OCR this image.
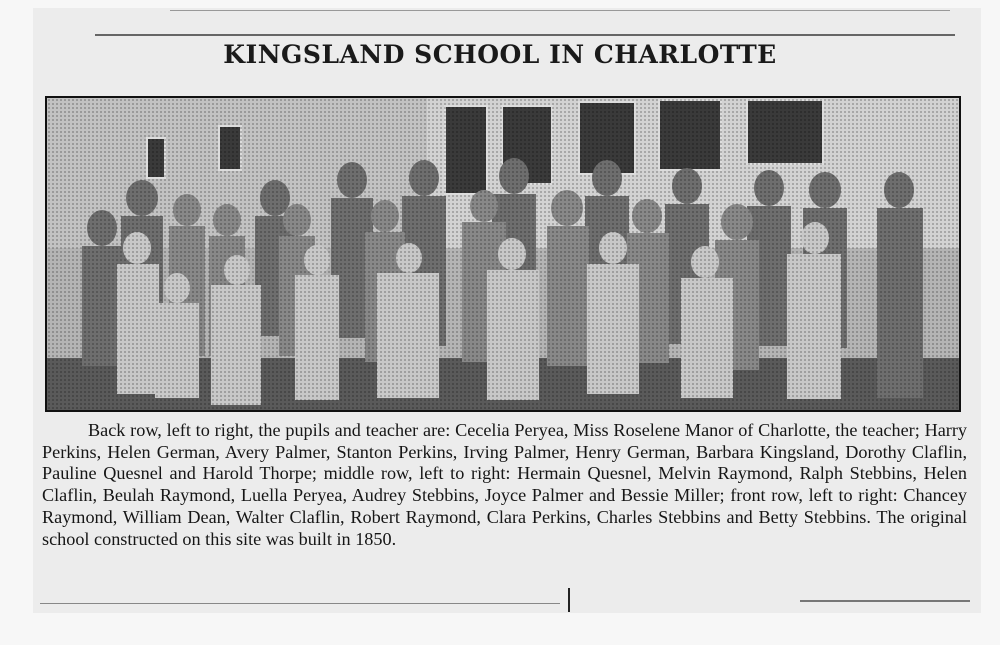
KINGSLAND SCHOOL IN CHARLOTTE

Back row, left to right, the pupils and teacher are: Cecelia Peryea, Miss Roselene Manor of Charlotte, the teacher; Harry Perkins, Helen German, Avery Palmer, Stanton Perkins, Irving Palmer, Henry German, Barbara Kingsland, Dorothy Claflin, Pauline Quesnel and Harold Thorpe; middle row, left to right: Hermain Quesnel, Melvin Raymond, Ralph Stebbins, Helen Claflin, Beulah Raymond, Luella Peryea, Audrey Stebbins, Joyce Palmer and Bessie Miller; front row, left to right: Chancey Raymond, William Dean, Walter Claflin, Robert Raymond, Clara Perkins, Charles Stebbins and Betty Stebbins. The original school constructed on this site was built in 1850.
